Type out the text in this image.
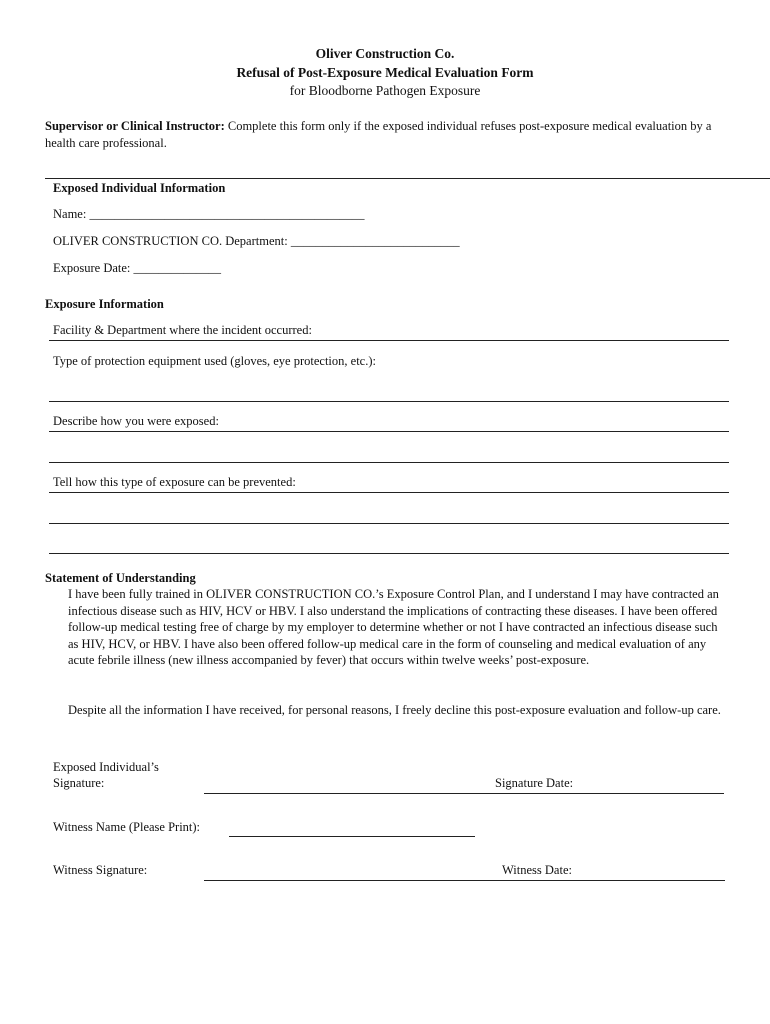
Oliver Construction Co.
Refusal of Post-Exposure Medical Evaluation Form
for Bloodborne Pathogen Exposure
Supervisor or Clinical Instructor: Complete this form only if the exposed individual refuses post-exposure medical evaluation by a health care professional.
Exposed Individual Information
Name: ____________________________________________
OLIVER CONSTRUCTION CO. Department: ___________________________
Exposure Date: ______________
Exposure Information
Facility & Department where the incident occurred:
Type of protection equipment used (gloves, eye protection, etc.):
Describe how you were exposed:
Tell how this type of exposure can be prevented:
Statement of Understanding
I have been fully trained in OLIVER CONSTRUCTION CO.’s Exposure Control Plan, and I understand I may have contracted an infectious disease such as HIV, HCV or HBV. I also understand the implications of contracting these diseases. I have been offered follow-up medical testing free of charge by my employer to determine whether or not I have contracted an infectious disease such as HIV, HCV, or HBV. I have also been offered follow-up medical care in the form of counseling and medical evaluation of any acute febrile illness (new illness accompanied by fever) that occurs within twelve weeks’ post-exposure.
Despite all the information I have received, for personal reasons, I freely decline this post-exposure evaluation and follow-up care.
Exposed Individual’s
Signature:	Signature Date:
Witness Name (Please Print):
Witness Signature:	Witness Date:
